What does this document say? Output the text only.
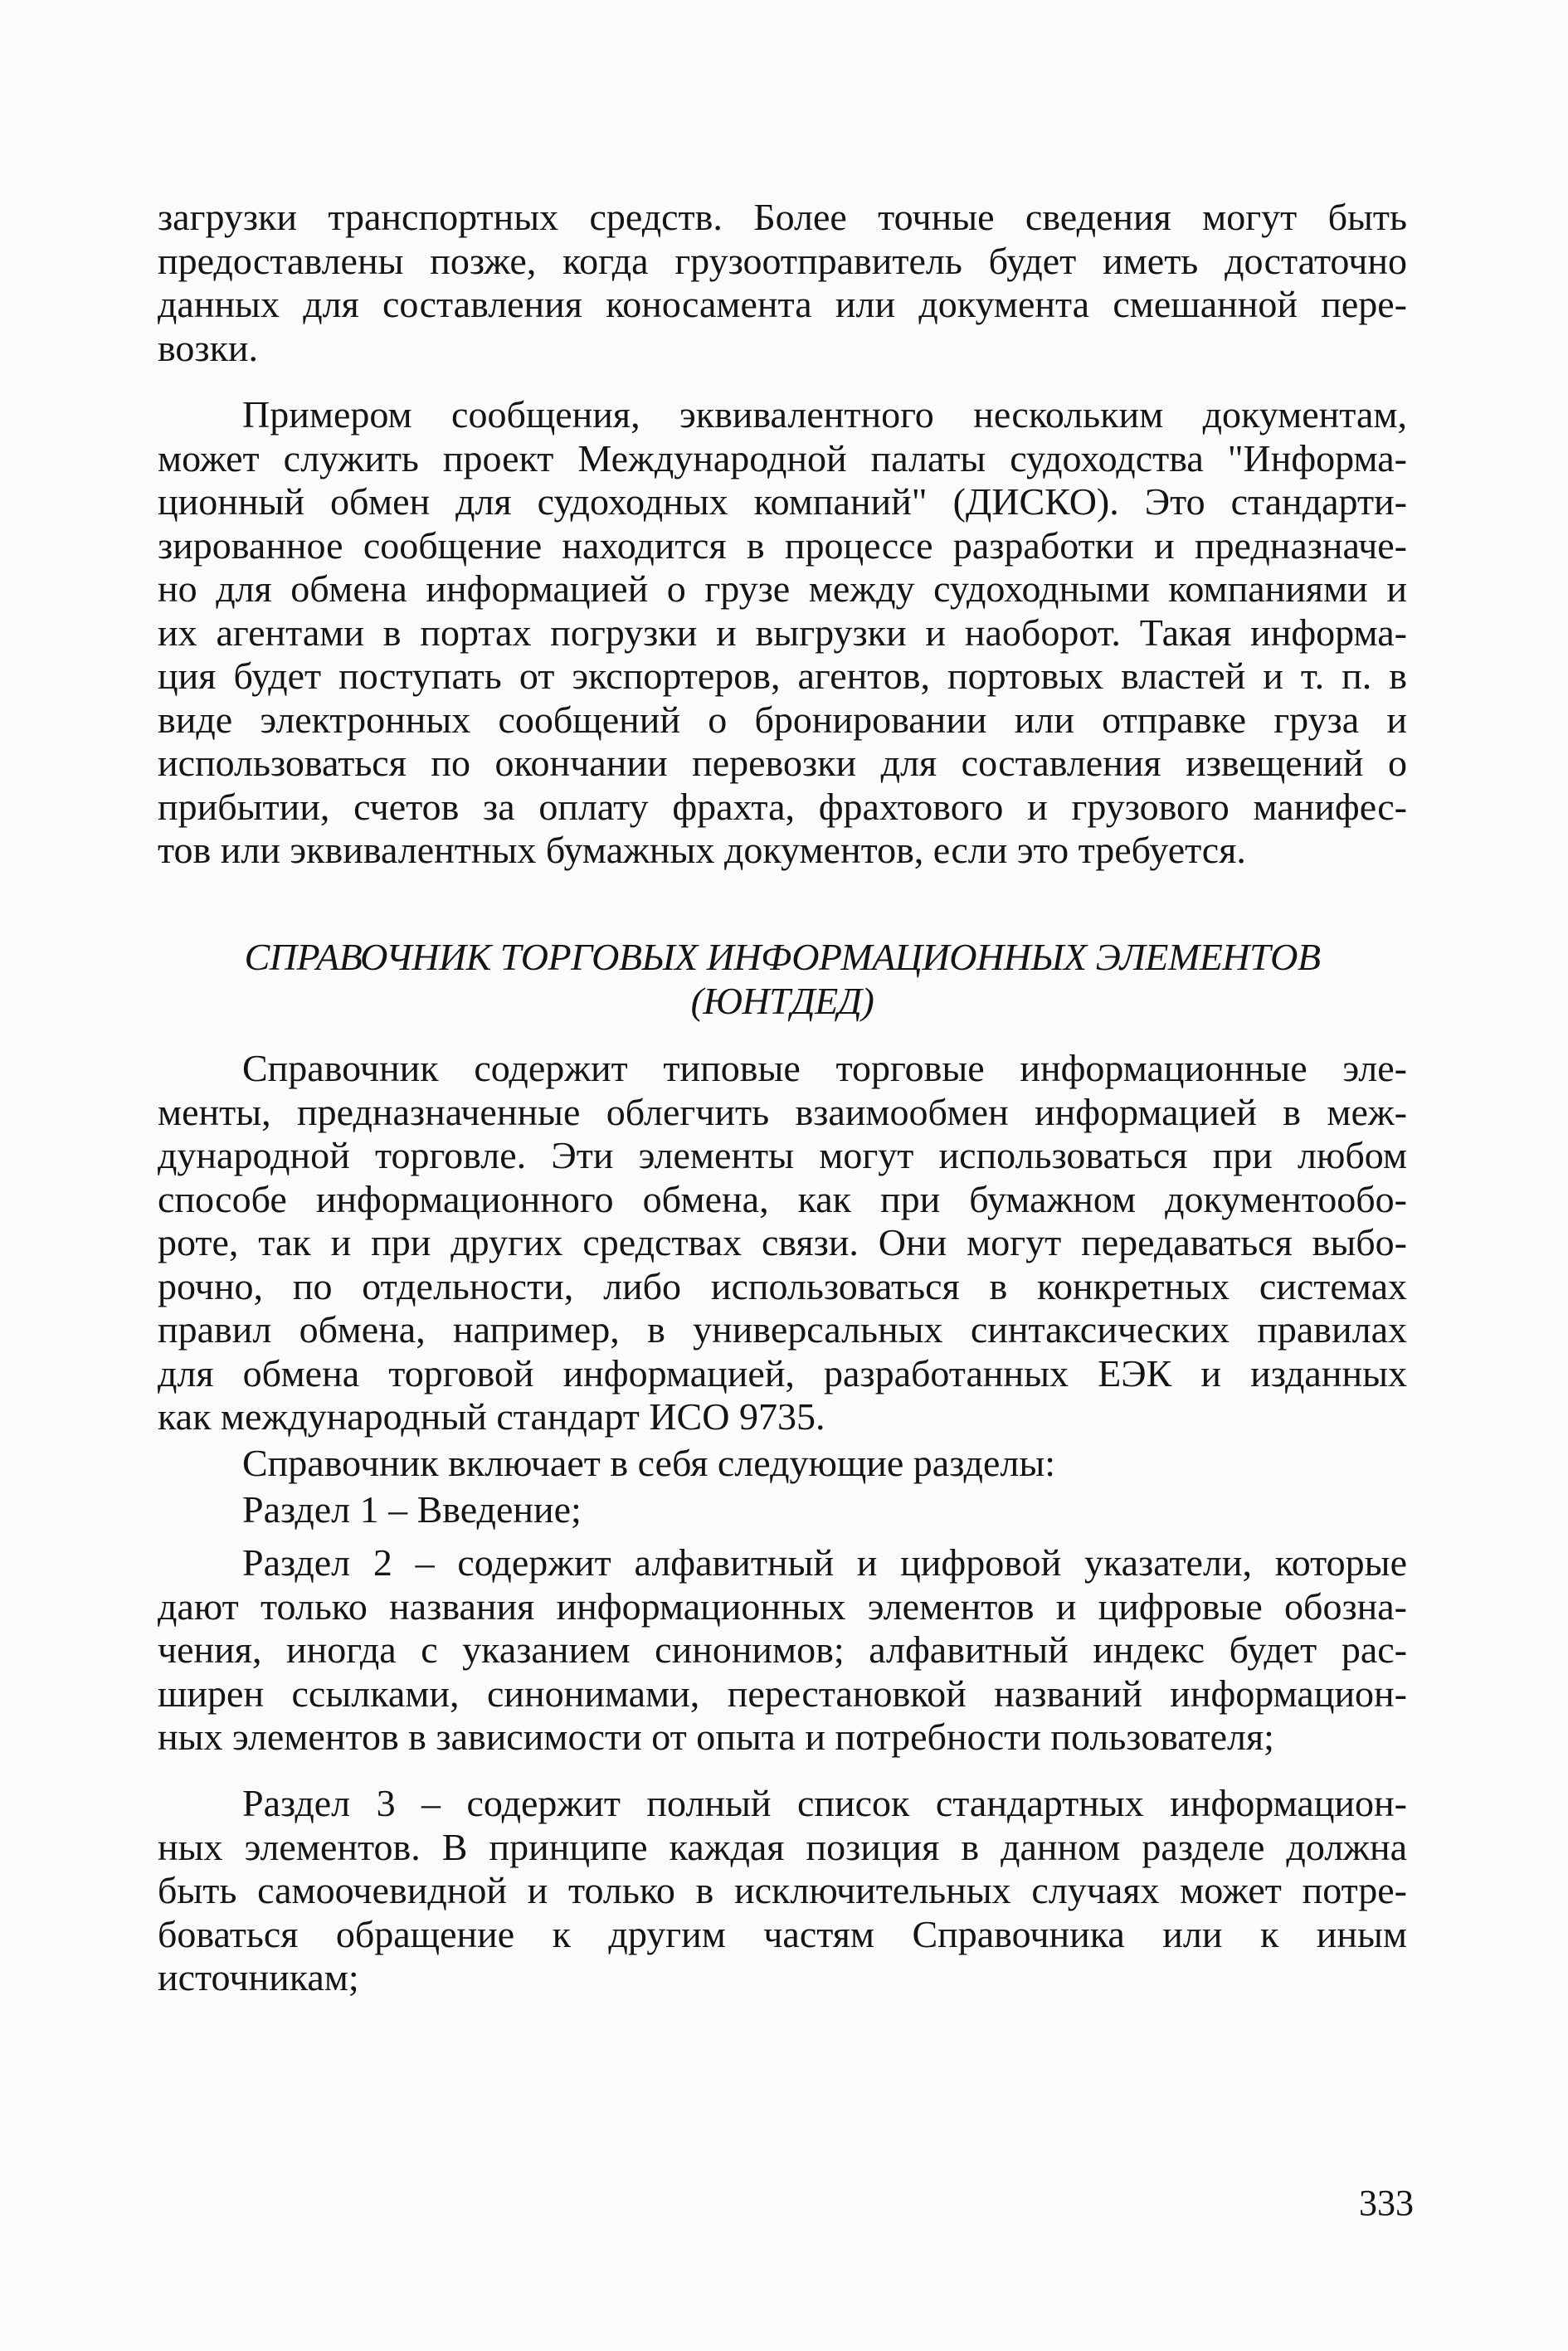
загрузки транспортных средств. Более точные сведения могут быть
предоставлены позже, когда грузоотправитель будет иметь достаточно
данных для составления коносамента или документа смешанной пере-
возки.
Примером сообщения, эквивалентного нескольким документам,
может служить проект Международной палаты судоходства "Информа-
ционный обмен для судоходных компаний" (ДИСКО). Это стандарти-
зированное сообщение находится в процессе разработки и предназначе-
но для обмена информацией о грузе между судоходными компаниями и
их агентами в портах погрузки и выгрузки и наоборот. Такая информа-
ция будет поступать от экспортеров, агентов, портовых властей и т. п. в
виде электронных сообщений о бронировании или отправке груза и
использоваться по окончании перевозки для составления извещений о
прибытии, счетов за оплату фрахта, фрахтового и грузового манифес-
тов или эквивалентных бумажных документов, если это требуется.
СПРАВОЧНИК ТОРГОВЫХ ИНФОРМАЦИОННЫХ ЭЛЕМЕНТОВ
(ЮНТДЕД)
Справочник содержит типовые торговые информационные эле-
менты, предназначенные облегчить взаимообмен информацией в меж-
дународной торговле. Эти элементы могут использоваться при любом
способе информационного обмена, как при бумажном документообо-
роте, так и при других средствах связи. Они могут передаваться выбо-
рочно, по отдельности, либо использоваться в конкретных системах
правил обмена, например, в универсальных синтаксических правилах
для обмена торговой информацией, разработанных ЕЭК и изданных
как международный стандарт ИСО 9735.
Справочник включает в себя следующие разделы:
Раздел 1 – Введение;
Раздел 2 – содержит алфавитный и цифровой указатели, которые
дают только названия информационных элементов и цифровые обозна-
чения, иногда с указанием синонимов; алфавитный индекс будет рас-
ширен ссылками, синонимами, перестановкой названий информацион-
ных элементов в зависимости от опыта и потребности пользователя;
Раздел 3 – содержит полный список стандартных информацион-
ных элементов. В принципе каждая позиция в данном разделе должна
быть самоочевидной и только в исключительных случаях может потре-
боваться обращение к другим частям Справочника или к иным
источникам;
333
